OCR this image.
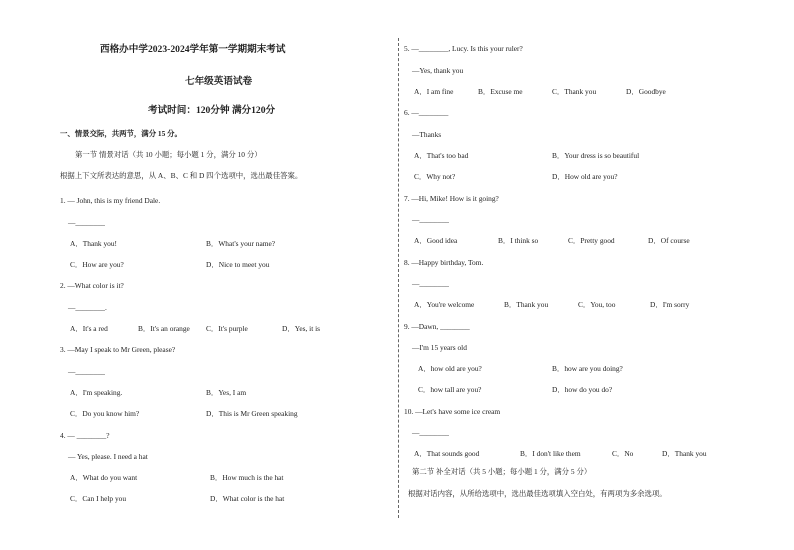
西格办中学2023-2024学年第一学期期末考试
七年级英语试卷
考试时间：120分钟 满分120分
一、情景交际，共两节，满分 15 分。
第一节 情景对话（共 10 小题；每小题 1 分，满分 10 分）
根据上下文所表达的意思，从 A、B、C 和 D 四个选项中，选出最佳答案。
1. — John, this is my friend Dale.
—________
A．Thank you!	B．What's your name?
C．How are you?	D．Nice to meet you
2. —What color is it?
—________.
A．It's a red	B．It's an orange C．It's purple	D．Yes, it is
3. —May I speak to Mr Green, please?
—________
A．I'm speaking.	B．Yes, I am
C．Do you know him?	D．This is Mr Green speaking
4. — ________?
— Yes, please. I need a hat
A．What do you want	B．How much is the hat
C．Can I help you	D．What color is the hat
5. —________, Lucy. Is this your ruler?
—Yes, thank you
A．I am fine	B．Excuse me	C．Thank you	D．Goodbye
6. —________
—Thanks
A．That's too bad	B．Your dress is so beautiful
C．Why not?	D．How old are you?
7. —Hi, Mike! How is it going?
—________
A．Good idea	B．I think so	C．Pretty good	D．Of course
8. —Happy birthday, Tom.
—________
A．You're welcome	B．Thank you	C．You, too	D．I'm sorry
9. —Dawn, ________
—I'm 15 years old
A．how old are you?	B．how are you doing?
C．how tall are you?	D．how do you do?
10. —Let's have some ice cream
—________
A．That sounds good	B．I don't like them	C．No	D．Thank you
第二节 补全对话（共 5 小题；每小题 1 分，满分 5 分）
根据对话内容，从所给选项中，选出最佳选项填入空白处，有两项为多余选项。
